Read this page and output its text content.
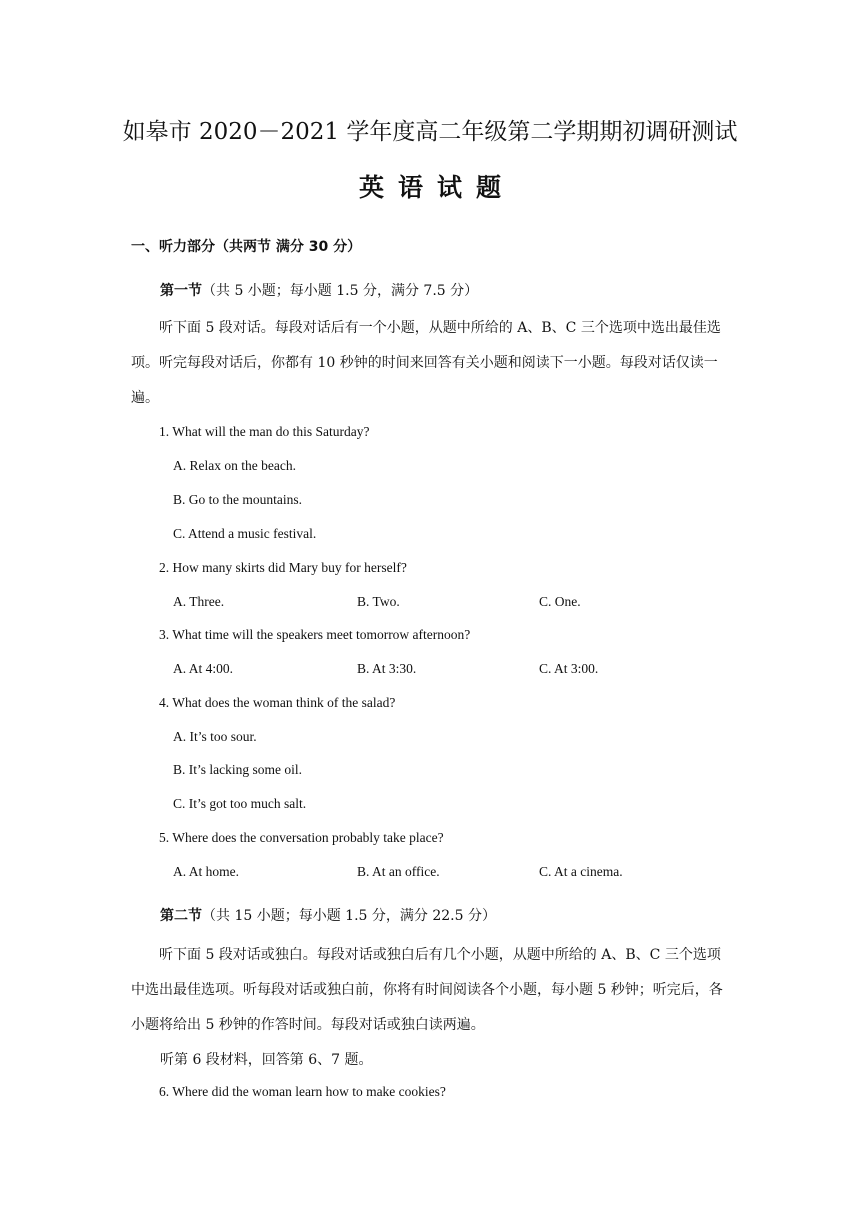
如皋市 2020－2021 学年度高二年级第二学期期初调研测试
英语试题
一、听力部分（共两节 满分 30 分）
第一节（共 5 小题；每小题 1.5 分，满分 7.5 分）
听下面 5 段对话。每段对话后有一个小题，从题中所给的 A、B、C 三个选项中选出最佳选项。听完每段对话后，你都有 10 秒钟的时间来回答有关小题和阅读下一小题。每段对话仅读一遍。
1. What will the man do this Saturday?
A. Relax on the beach.
B. Go to the mountains.
C. Attend a music festival.
2. How many skirts did Mary buy for herself?
A. Three.	B. Two.	C. One.
3. What time will the speakers meet tomorrow afternoon?
A. At 4:00.	B. At 3:30.	C. At 3:00.
4. What does the woman think of the salad?
A. It’s too sour.
B. It’s lacking some oil.
C. It’s got too much salt.
5. Where does the conversation probably take place?
A. At home.	B. At an office.	C. At a cinema.
第二节（共 15 小题；每小题 1.5 分，满分 22.5 分）
听下面 5 段对话或独白。每段对话或独白后有几个小题，从题中所给的 A、B、C 三个选项中选出最佳选项。听每段对话或独白前，你将有时间阅读各个小题，每小题 5 秒钟；听完后，各小题将给出 5 秒钟的作答时间。每段对话或独白读两遍。
听第 6 段材料，回答第 6、7 题。
6. Where did the woman learn how to make cookies?
